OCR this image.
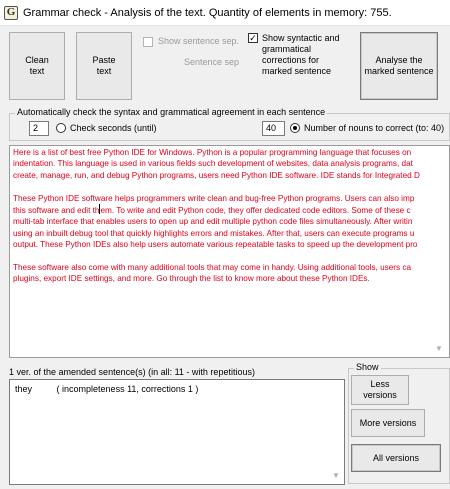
G Grammar check - Analysis of the text. Quantity of elements in memory: 755.
Clean
text
Paste
text
Show sentence sep.
Sentence sep
✓ Show syntactic and
grammatical
corrections for
marked sentence
Analyse the
marked sentence
Automatically check the syntax and grammatical agreement in each sentence
2	Check seconds (until)	40	Number of nouns to correct (to: 40)
Here is a list of best free Python IDE for Windows. Python is a popular programming language that focuses on
indentation. This language is used in various fields such development of websites, data analysis programs, dat
create, manage, run, and debug Python programs, users need Python IDE software. IDE stands for Integrated D
These Python IDE software helps programmers write clean and bug-free Python programs. Users can also imp
this software and edit them. To write and edit Python code, they offer dedicated code editors. Some of these c
multi-tab interface that enables users to open up and edit multiple python code files simultaneously. After writin
using an inbuilt debug tool that quickly highlights errors and mistakes. After that, users can execute programs u
output. These Python IDEs also help users automate various repeatable tasks to speed up the development pro
These software also come with many additional tools that may come in handy. Using additional tools, users ca
plugins, export IDE settings, and more. Go through the list to know more about these Python IDEs.
▼
1 ver. of the amended sentence(s) (in all: 11 - with repetitious)
they	( incompleteness 11, corrections 1 )
▼
Show
Less
versions
More versions
All versions
